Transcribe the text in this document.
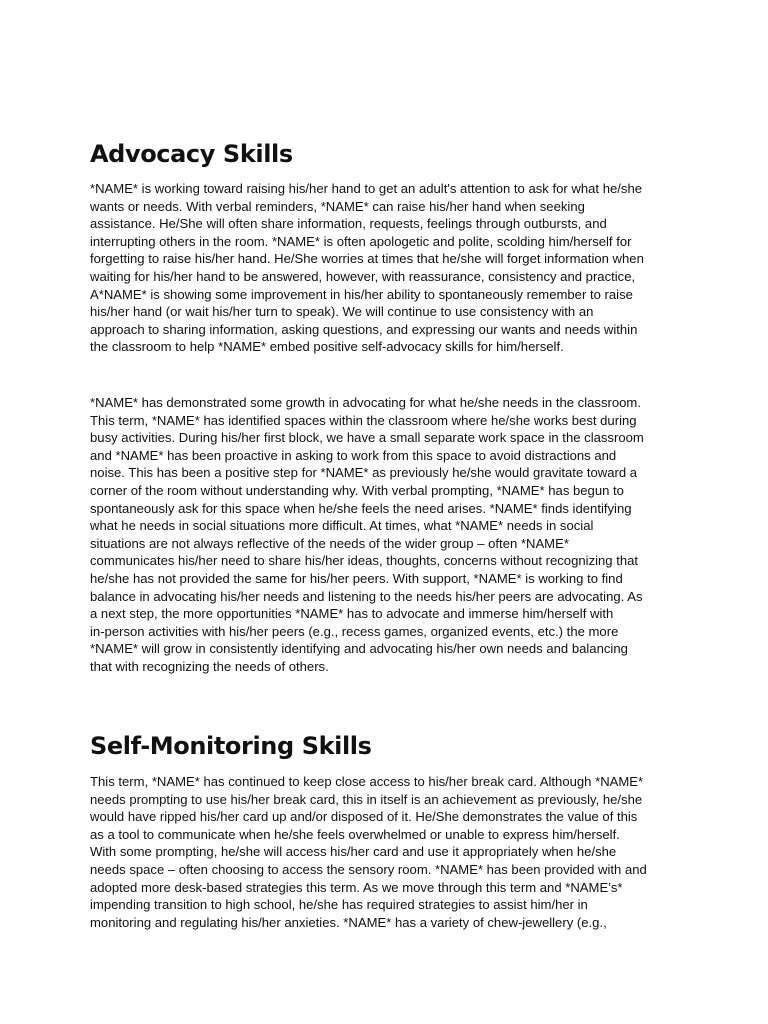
Advocacy Skills

*NAME* is working toward raising his/her hand to get an adult's attention to ask for what he/she
wants or needs. With verbal reminders, *NAME* can raise his/her hand when seeking
assistance. He/She will often share information, requests, feelings through outbursts, and
interrupting others in the room. *NAME* is often apologetic and polite, scolding him/herself for
forgetting to raise his/her hand. He/She worries at times that he/she will forget information when
waiting for his/her hand to be answered, however, with reassurance, consistency and practice,
A*NAME* is showing some improvement in his/her ability to spontaneously remember to raise
his/her hand (or wait his/her turn to speak). We will continue to use consistency with an
approach to sharing information, asking questions, and expressing our wants and needs within
the classroom to help *NAME* embed positive self-advocacy skills for him/herself.

*NAME* has demonstrated some growth in advocating for what he/she needs in the classroom.
This term, *NAME* has identified spaces within the classroom where he/she works best during
busy activities. During his/her first block, we have a small separate work space in the classroom
and *NAME* has been proactive in asking to work from this space to avoid distractions and
noise. This has been a positive step for *NAME* as previously he/she would gravitate toward a
corner of the room without understanding why. With verbal prompting, *NAME* has begun to
spontaneously ask for this space when he/she feels the need arises. *NAME* finds identifying
what he needs in social situations more difficult. At times, what *NAME* needs in social
situations are not always reflective of the needs of the wider group – often *NAME*
communicates his/her need to share his/her ideas, thoughts, concerns without recognizing that
he/she has not provided the same for his/her peers. With support, *NAME* is working to find
balance in advocating his/her needs and listening to the needs his/her peers are advocating. As
a next step, the more opportunities *NAME* has to advocate and immerse him/herself with
in-person activities with his/her peers (e.g., recess games, organized events, etc.) the more
*NAME* will grow in consistently identifying and advocating his/her own needs and balancing
that with recognizing the needs of others.

Self-Monitoring Skills

This term, *NAME* has continued to keep close access to his/her break card. Although *NAME*
needs prompting to use his/her break card, this in itself is an achievement as previously, he/she
would have ripped his/her card up and/or disposed of it. He/She demonstrates the value of this
as a tool to communicate when he/she feels overwhelmed or unable to express him/herself.
With some prompting, he/she will access his/her card and use it appropriately when he/she
needs space – often choosing to access the sensory room. *NAME* has been provided with and
adopted more desk-based strategies this term. As we move through this term and *NAME’s*
impending transition to high school, he/she has required strategies to assist him/her in
monitoring and regulating his/her anxieties. *NAME* has a variety of chew-jewellery (e.g.,
